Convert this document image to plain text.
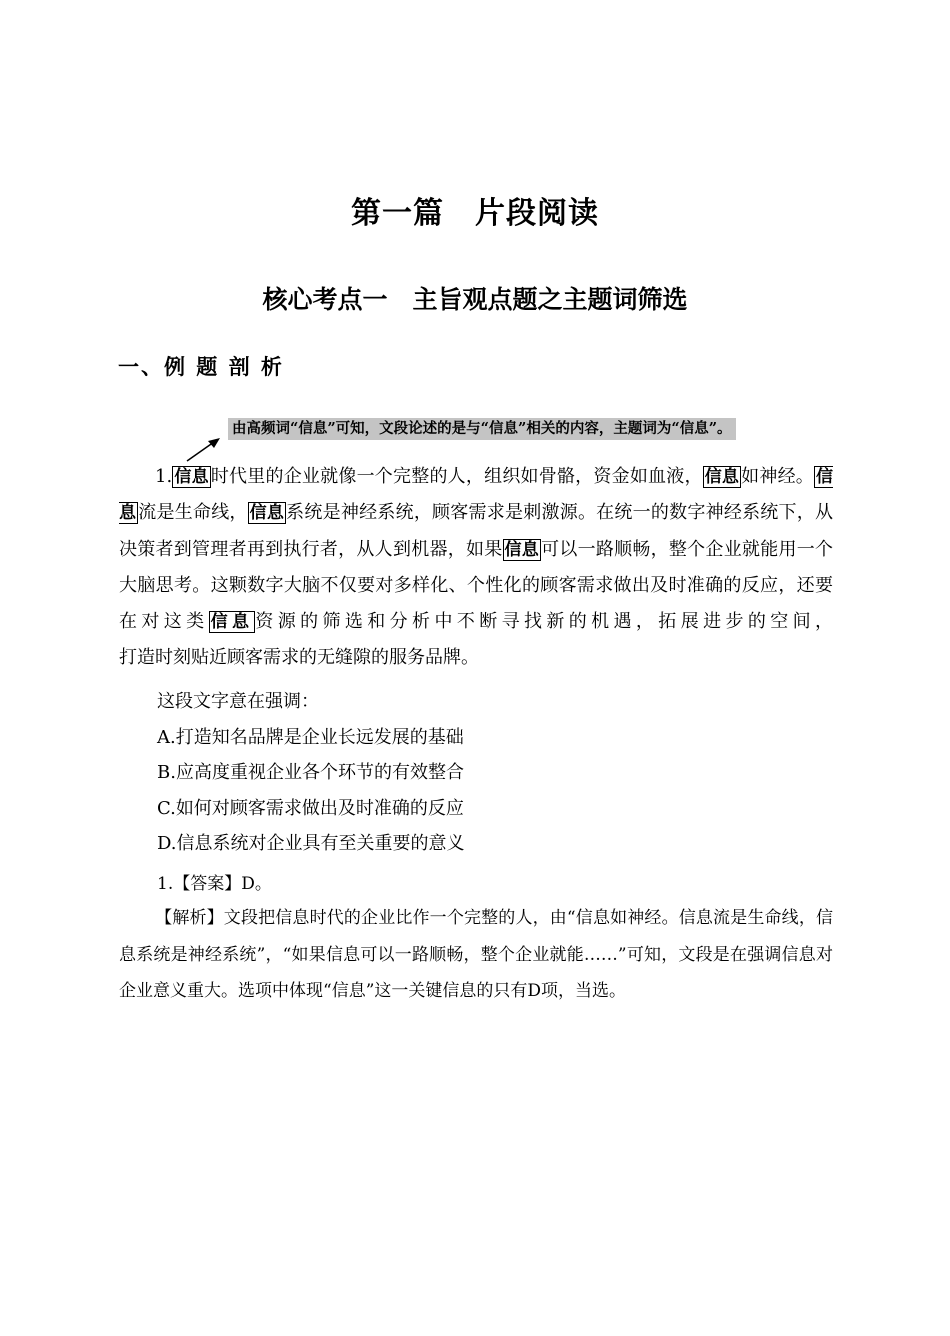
第一篇　片段阅读
核心考点一　主旨观点题之主题词筛选
一、例 题 剖 析
由高频词“信息”可知，文段论述的是与“信息”相关的内容，主题词为“信息”。
1. 信息 时代里的企业就像一个完整的人，组织如骨骼，资金如血液， 信息 如神经。 信息 流是生命线， 信息 系统是神经系统，顾客需求是刺激源。在统一的数字神经系统下，从决策者到管理者再到执行者，从人到机器，如果 信息 可以一路顺畅，整个企业就能用一个大脑思考。这颗数字大脑不仅要对多样化、个性化的顾客需求做出及时准确的反应，还要在对这类 信息 资源的筛选和分析中不断寻找新的机遇，拓展进步的空间，
打造时刻贴近顾客需求的无缝隙的服务品牌。
这段文字意在强调：
A.打造知名品牌是企业长远发展的基础
B.应高度重视企业各个环节的有效整合
C.如何对顾客需求做出及时准确的反应
D.信息系统对企业具有至关重要的意义
1.【答案】D。
【解析】文段把信息时代的企业比作一个完整的人，由“信息如神经。信息流是生命线，信息系统是神经系统”，“如果信息可以一路顺畅，整个企业就能……”可知，文段是在强调信息对企业意义重大。选项中体现“信息”这一关键信息的只有D项，当选。
